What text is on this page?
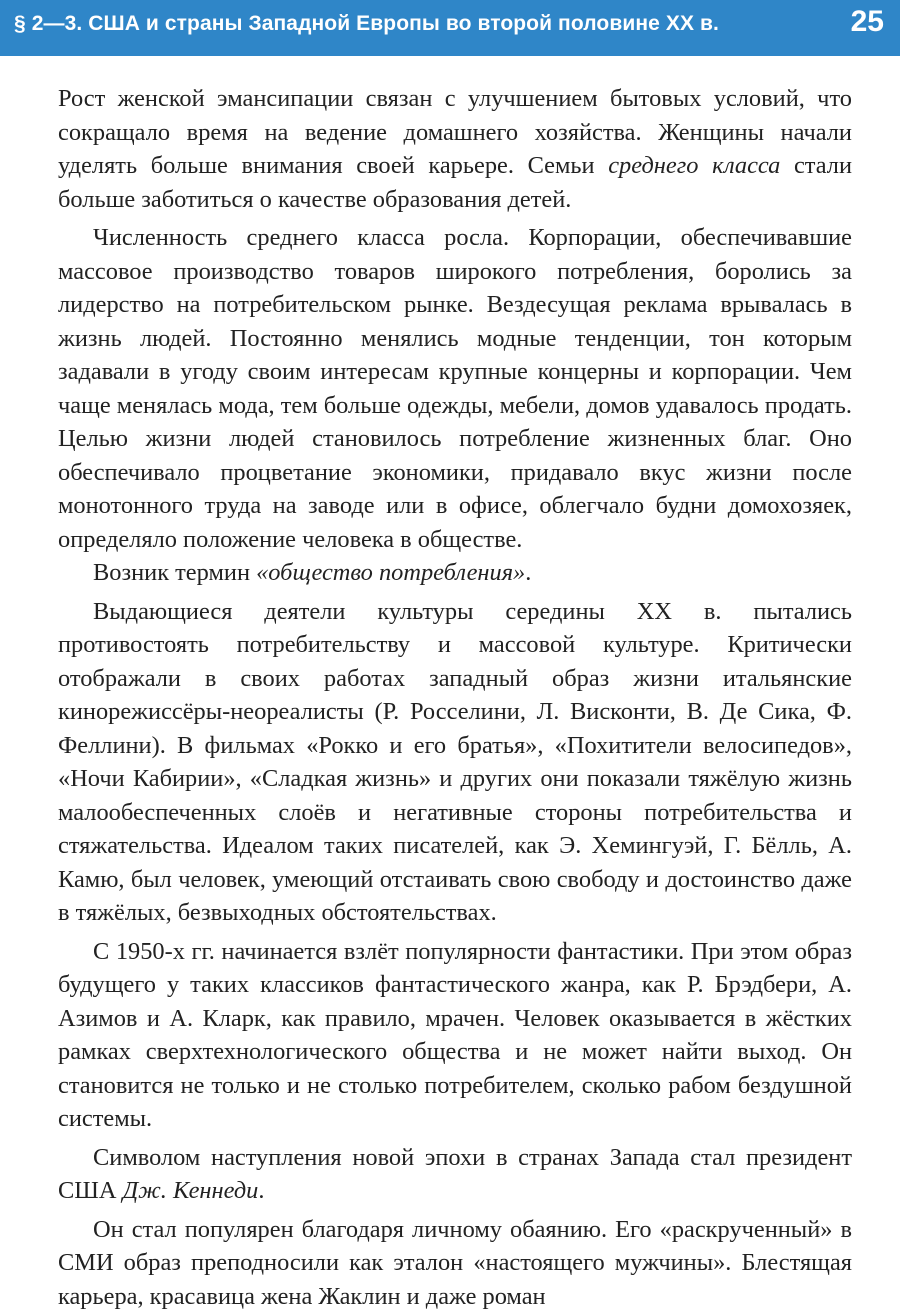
§ 2—3. США и страны Западной Европы во второй половине XX в.	25

Рост женской эмансипации связан с улучшением бытовых условий, что сокращало время на ведение домашнего хозяйства. Женщины начали уделять больше внимания своей карьере. Семьи среднего класса стали больше заботиться о качестве образования детей.

Численность среднего класса росла. Корпорации, обеспечивавшие массовое производство товаров широкого потребления, боролись за лидерство на потребительском рынке. Вездесущая реклама врывалась в жизнь людей. Постоянно менялись модные тенденции, тон которым задавали в угоду своим интересам крупные концерны и корпорации. Чем чаще менялась мода, тем больше одежды, мебели, домов удавалось продать. Целью жизни людей становилось потребление жизненных благ. Оно обеспечивало процветание экономики, придавало вкус жизни после монотонного труда на заводе или в офисе, облегчало будни домохозяек, определяло положение человека в обществе.

Возник термин «общество потребления».

Выдающиеся деятели культуры середины XX в. пытались противостоять потребительству и массовой культуре. Критически отображали в своих работах западный образ жизни итальянские кинорежиссёры-неореалисты (Р. Росселини, Л. Висконти, В. Де Сика, Ф. Феллини). В фильмах «Рокко и его братья», «Похитители велосипедов», «Ночи Кабирии», «Сладкая жизнь» и других они показали тяжёлую жизнь малообеспеченных слоёв и негативные стороны потребительства и стяжательства. Идеалом таких писателей, как Э. Хемингуэй, Г. Бёлль, А. Камю, был человек, умеющий отстаивать свою свободу и достоинство даже в тяжёлых, безвыходных обстоятельствах.

С 1950-х гг. начинается взлёт популярности фантастики. При этом образ будущего у таких классиков фантастического жанра, как Р. Брэдбери, А. Азимов и А. Кларк, как правило, мрачен. Человек оказывается в жёстких рамках сверхтехнологического общества и не может найти выход. Он становится не только и не столько потребителем, сколько рабом бездушной системы.

Символом наступления новой эпохи в странах Запада стал президент США Дж. Кеннеди.

Он стал популярен благодаря личному обаянию. Его «раскрученный» в СМИ образ преподносили как эталон «настоящего мужчины». Блестящая карьера, красавица жена Жаклин и даже роман
